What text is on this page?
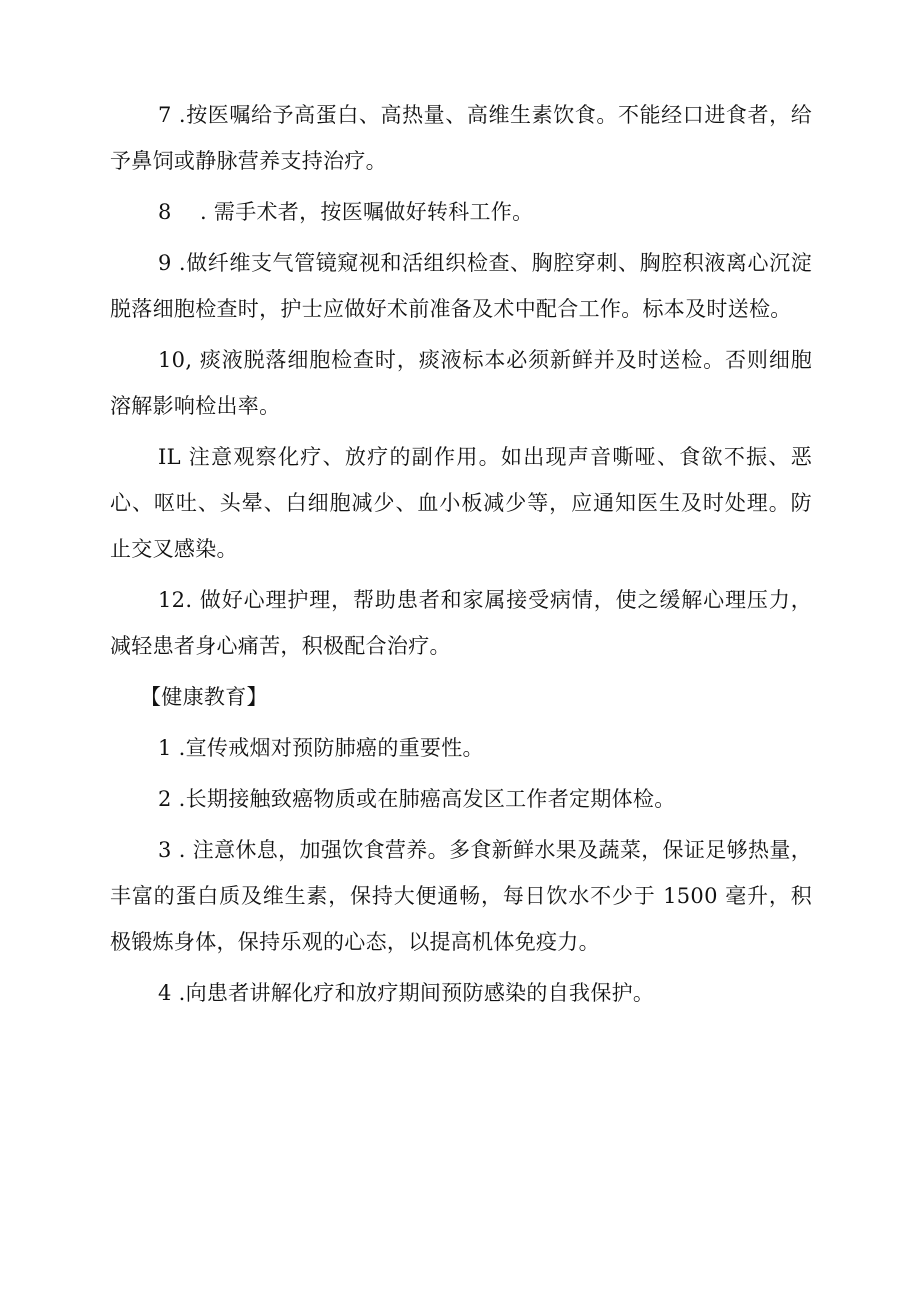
7 .按医嘱给予高蛋白、高热量、高维生素饮食。不能经口进食者，给予鼻饲或静脉营养支持治疗。

8　 . 需手术者，按医嘱做好转科工作。

9 .做纤维支气管镜窥视和活组织检查、胸腔穿刺、胸腔积液离心沉淀脱落细胞检查时，护士应做好术前准备及术中配合工作。标本及时送检。

10, 痰液脱落细胞检查时，痰液标本必须新鲜并及时送检。否则细胞溶解影响检出率。

IL 注意观察化疗、放疗的副作用。如出现声音嘶哑、食欲不振、恶心、呕吐、头晕、白细胞减少、血小板减少等，应通知医生及时处理。防止交叉感染。

12. 做好心理护理，帮助患者和家属接受病情，使之缓解心理压力，减轻患者身心痛苦，积极配合治疗。

【健康教育】

1 .宣传戒烟对预防肺癌的重要性。

2 .长期接触致癌物质或在肺癌高发区工作者定期体检。

3 . 注意休息，加强饮食营养。多食新鲜水果及蔬菜，保证足够热量，丰富的蛋白质及维生素，保持大便通畅，每日饮水不少于 1500 毫升，积极锻炼身体，保持乐观的心态，以提高机体免疫力。

4 .向患者讲解化疗和放疗期间预防感染的自我保护。
